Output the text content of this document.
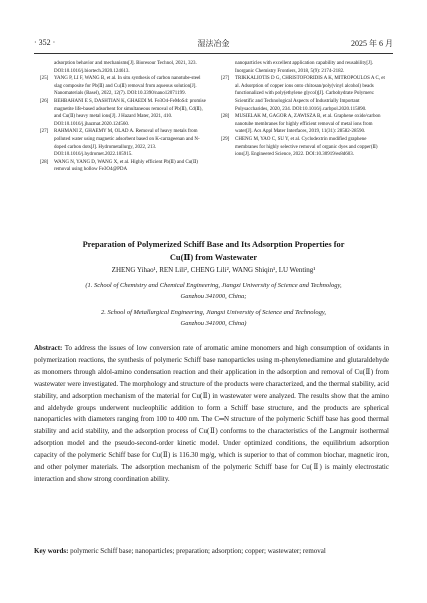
· 352 ·	湿法冶金	2025 年 6 月

adsorption behavior and mechanisms[J]. Bioresour Technol, 2021, 323. DOI:10.1016/j.biortech.2020.124613.

[25] YANG P, LI F, WANG B, et al. In situ synthesis of carbon nanotube-steel slag composite for Pb(Ⅱ) and Cu(Ⅱ) removal from aqueous solution[J]. Nanomaterials (Basel), 2022, 12(7). DOI:10.3390/nano12071199.

[26] BEHBAHANI E S, DASHTIAN K, GHAEDI M. Fe3O4-FeMoS4: promise magnetite life-based adsorbent for simultaneous removal of Pb(Ⅱ), Cd(Ⅱ), and Cu(Ⅱ) heavy metal ions[J]. J Hazard Mater, 2021, 410. DOI:10.1016/j.jhazmat.2020.124560.

[27] RAHMANI Z, GHAEMY M, OLAD A. Removal of heavy metals from polluted water using magnetic adsorbent based on K-carrageenan and N-doped carbon dots[J]. Hydrometallurgy, 2022, 213. DOI:10.1016/j.hydromet.2022.105915.

[28] WANG N, YANG D, WANG X, et al. Highly efficient Pb(Ⅱ) and Cu(Ⅱ) removal using hollow Fe3O4@PDA

nanoparticles with excellent application capability and reusability[J]. Inorganic Chemistry Frontiers, 2018, 5(9): 2174-2182.

[27] TRIKKALIOTIS D G, CHRISTOFORIDIS A K, MITROPOULOS A C, et al. Adsorption of copper ions onto chitosan/poly(vinyl alcohol) beads functionalized with poly(ethylene glycol)[J]. Carbohydrate Polymers: Scientific and Technological Aspects of Industrially Important Polysaccharides, 2020, 234. DOI:10.1016/j.carbpol.2020.115890.

[28] MUSIELAK M, GAGOR A, ZAWISZA B, et al. Graphene oxide/carbon nanotube membranes for highly efficient removal of metal ions from water[J]. Acs Appl Mater Interfaces, 2019, 11(31): 28582-28590.

[29] CHENG M, YAO C, SU Y, et al. Cyclodextrin modified graphene membranes for highly selective removal of organic dyes and copper(Ⅱ) ions[J]. Engineered Science, 2022. DOI:10.30919/es8d603.

Preparation of Polymerized Schiff Base and Its Adsorption Properties for
Cu(Ⅱ) from Wastewater
ZHENG Yihao¹, REN Lili², CHENG Lili², WANG Shiqin¹, LU Wenting¹
(1. School of Chemistry and Chemical Engineering, Jiangxi University of Science and Technology,
Ganzhou 341000, China;
2. School of Metallurgical Engineering, Jiangxi University of Science and Technology,
Ganzhou 341000, China)
Abstract: To address the issues of low conversion rate of aromatic amine monomers and high consumption of oxidants in polymerization reactions, the synthesis of polymeric Schiff base nanoparticles using m-phenylenediamine and glutaraldehyde as monomers through aldol-amino condensation reaction and their application in the adsorption and removal of Cu(Ⅱ) from wastewater were investigated. The morphology and structure of the products were characterized, and the thermal stability, acid stability, and adsorption mechanism of the material for Cu(Ⅱ) in wastewater were analyzed. The results show that the amino and aldehyde groups underwent nucleophilic addition to form a Schiff base structure, and the products are spherical nanoparticles with diameters ranging from 100 to 400 nm. The C═N structure of the polymeric Schiff base has good thermal stability and acid stability, and the adsorption process of Cu(Ⅱ) conforms to the characteristics of the Langmuir isothermal adsorption model and the pseudo-second-order kinetic model. Under optimized conditions, the equilibrium adsorption capacity of the polymeric Schiff base for Cu(Ⅱ) is 116.30 mg/g, which is superior to that of common biochar, magnetic iron, and other polymer materials. The adsorption mechanism of the polymeric Schiff base for Cu(Ⅱ) is mainly electrostatic interaction and show strong coordination ability.
Key words: polymeric Schiff base; nanoparticles; preparation; adsorption; copper; wastewater; removal
